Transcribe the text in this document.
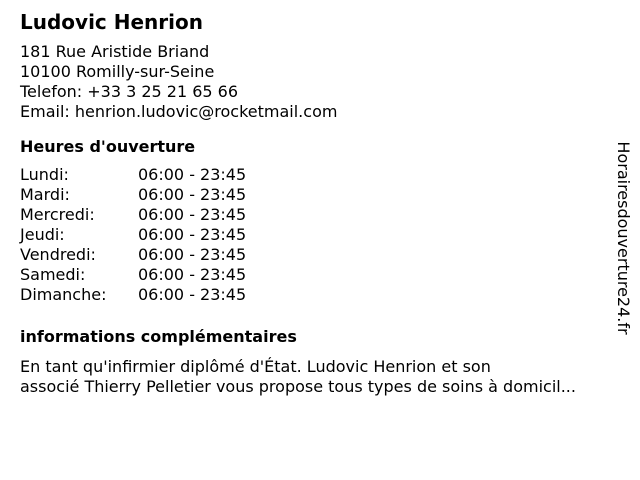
Ludovic Henrion
181 Rue Aristide Briand
10100 Romilly-sur-Seine
Telefon: +33 3 25 21 65 66
Email: henrion.ludovic@rocketmail.com
Heures d'ouverture
Lundi:	06:00 - 23:45
Mardi:	06:00 - 23:45
Mercredi:	06:00 - 23:45
Jeudi:	06:00 - 23:45
Vendredi:	06:00 - 23:45
Samedi:	06:00 - 23:45
Dimanche:	06:00 - 23:45
informations complémentaires
En tant qu'infirmier diplômé d'État. Ludovic Henrion et son
associé Thierry Pelletier vous propose tous types de soins à domicil...
Horairesdouverture24.fr
